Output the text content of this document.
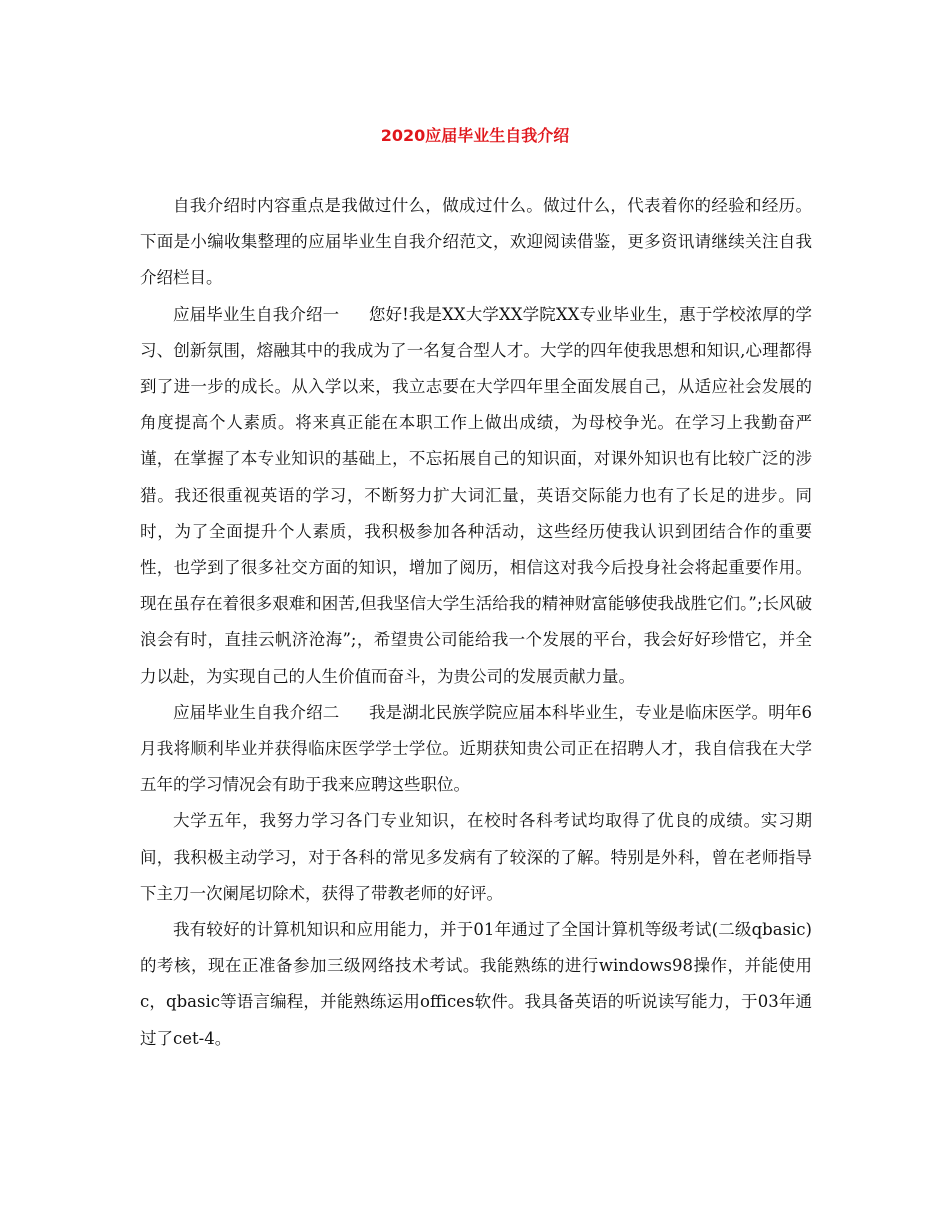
2020应届毕业生自我介绍

自我介绍时内容重点是我做过什么，做成过什么。做过什么，代表着你的经验和经历。下面是小编收集整理的应届毕业生自我介绍范文，欢迎阅读借鉴，更多资讯请继续关注自我介绍栏目。

应届毕业生自我介绍一 您好!我是XX大学XX学院XX专业毕业生，惠于学校浓厚的学习、创新氛围，熔融其中的我成为了一名复合型人才。大学的四年使我思想和知识,心理都得到了进一步的成长。从入学以来，我立志要在大学四年里全面发展自己，从适应社会发展的角度提高个人素质。将来真正能在本职工作上做出成绩，为母校争光。在学习上我勤奋严谨，在掌握了本专业知识的基础上，不忘拓展自己的知识面，对课外知识也有比较广泛的涉猎。我还很重视英语的学习，不断努力扩大词汇量，英语交际能力也有了长足的进步。同时，为了全面提升个人素质，我积极参加各种活动，这些经历使我认识到团结合作的重要性，也学到了很多社交方面的知识，增加了阅历，相信这对我今后投身社会将起重要作用。现在虽存在着很多艰难和困苦,但我坚信大学生活给我的精神财富能够使我战胜它们。”;长风破浪会有时，直挂云帆济沧海”;，希望贵公司能给我一个发展的平台，我会好好珍惜它，并全力以赴，为实现自己的人生价值而奋斗，为贵公司的发展贡献力量。

应届毕业生自我介绍二 我是湖北民族学院应届本科毕业生，专业是临床医学。明年6月我将顺利毕业并获得临床医学学士学位。近期获知贵公司正在招聘人才，我自信我在大学五年的学习情况会有助于我来应聘这些职位。

大学五年，我努力学习各门专业知识，在校时各科考试均取得了优良的成绩。实习期间，我积极主动学习，对于各科的常见多发病有了较深的了解。特别是外科，曾在老师指导下主刀一次阑尾切除术，获得了带教老师的好评。

我有较好的计算机知识和应用能力，并于01年通过了全国计算机等级考试(二级qbasic)的考核，现在正准备参加三级网络技术考试。我能熟练的进行windows98操作，并能使用c，qbasic等语言编程，并能熟练运用offices软件。我具备英语的听说读写能力，于03年通过了cet-4。
